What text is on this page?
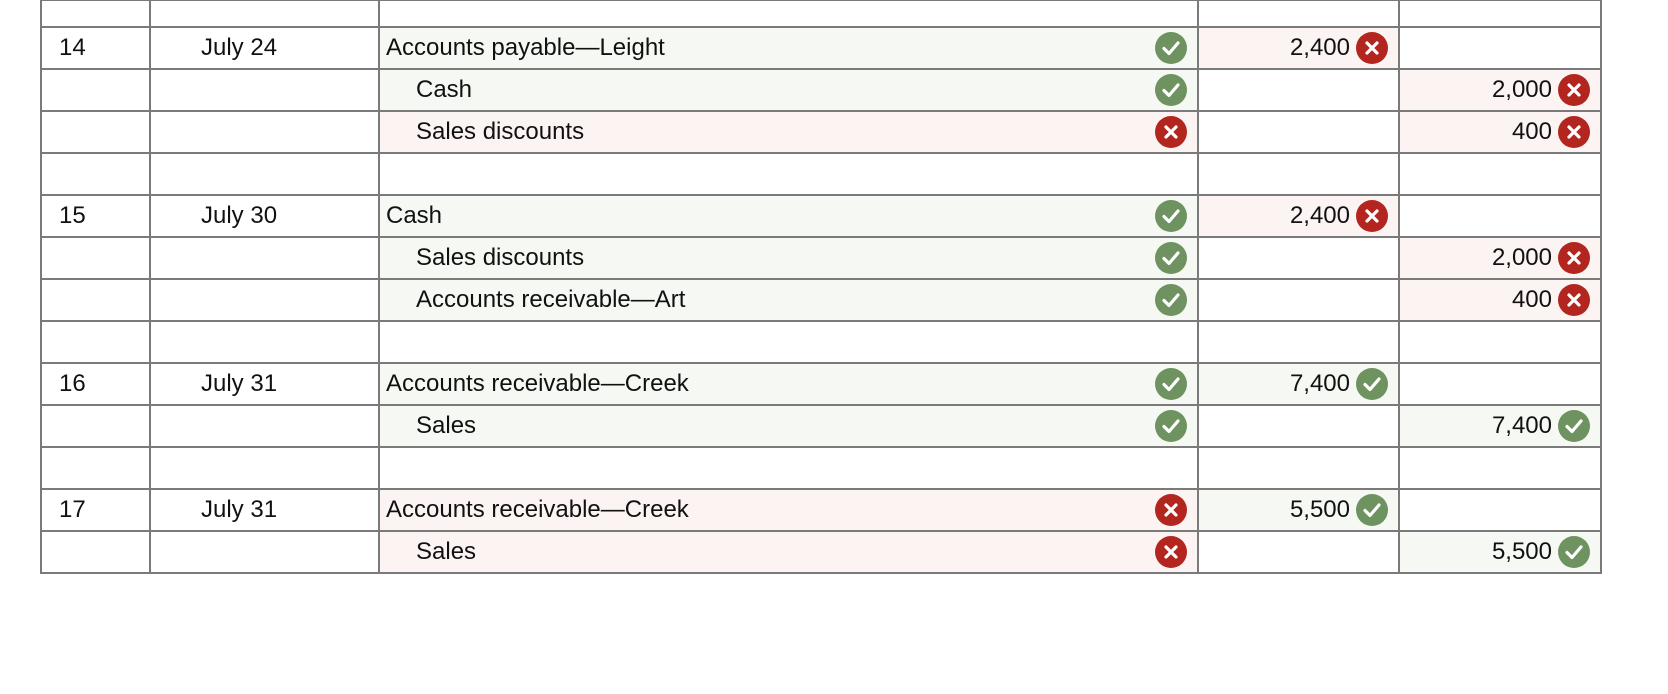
14	July 24	Accounts payable—Leight	2,400

		Cash		2,000

		Sales discounts		400

15	July 30	Cash	2,400

		Sales discounts		2,000

		Accounts receivable—Art		400

16	July 31	Accounts receivable—Creek	7,400

		Sales		7,400

17	July 31	Accounts receivable—Creek	5,500

		Sales		5,500
